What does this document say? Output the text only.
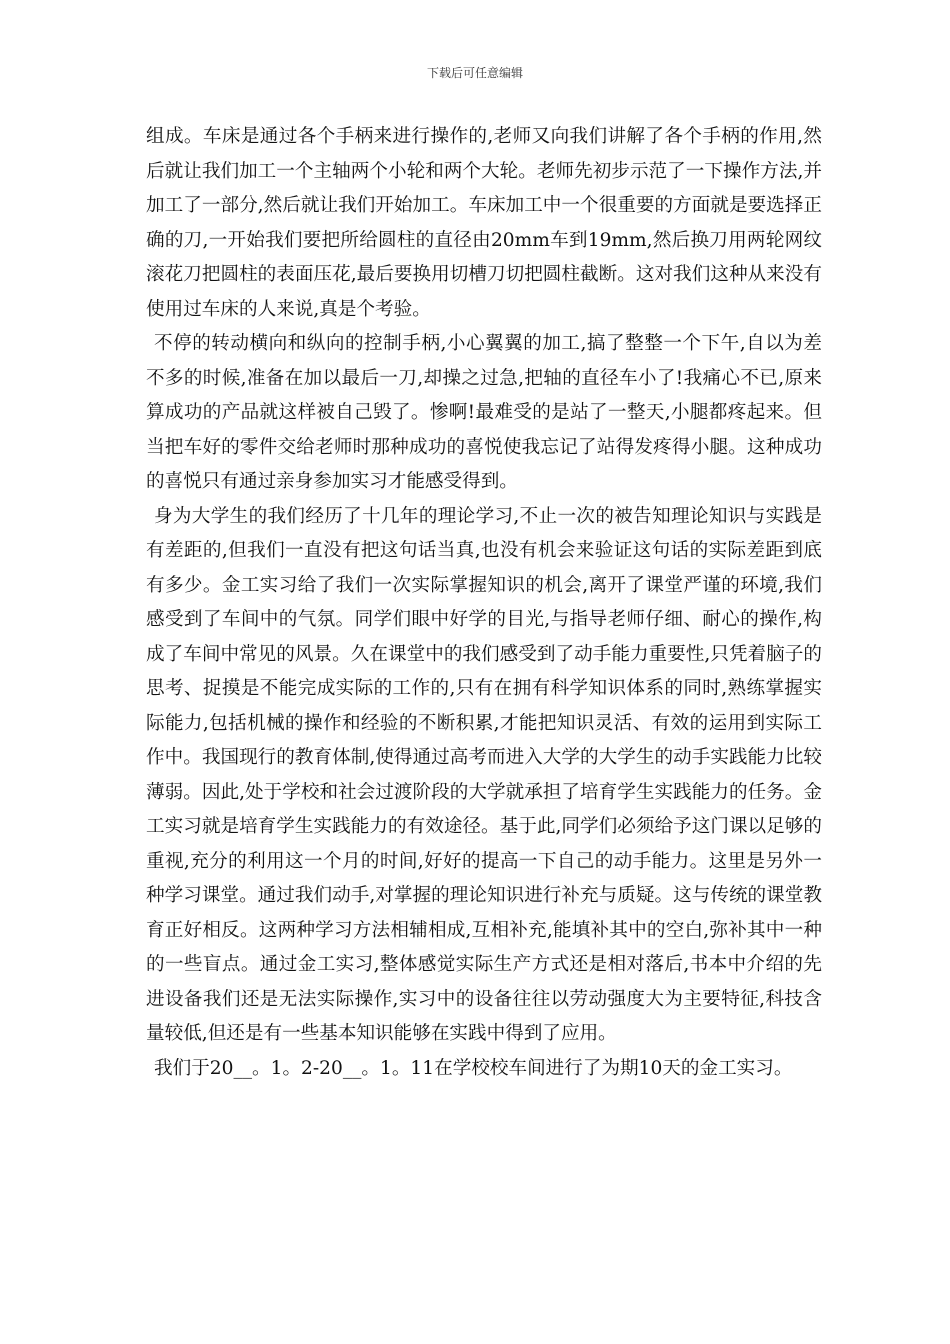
下载后可任意编辑

组成。车床是通过各个手柄来进行操作的,老师又向我们讲解了各个手柄的作用,然后就让我们加工一个主轴两个小轮和两个大轮。老师先初步示范了一下操作方法,并加工了一部分,然后就让我们开始加工。车床加工中一个很重要的方面就是要选择正确的刀,一开始我们要把所给圆柱的直径由20mm车到19mm,然后换刀用两轮网纹滚花刀把圆柱的表面压花,最后要换用切槽刀切把圆柱截断。这对我们这种从来没有使用过车床的人来说,真是个考验。

不停的转动横向和纵向的控制手柄,小心翼翼的加工,搞了整整一个下午,自以为差不多的时候,准备在加以最后一刀,却操之过急,把轴的直径车小了!我痛心不已,原来算成功的产品就这样被自己毁了。惨啊!最难受的是站了一整天,小腿都疼起来。但当把车好的零件交给老师时那种成功的喜悦使我忘记了站得发疼得小腿。这种成功的喜悦只有通过亲身参加实习才能感受得到。

身为大学生的我们经历了十几年的理论学习,不止一次的被告知理论知识与实践是有差距的,但我们一直没有把这句话当真,也没有机会来验证这句话的实际差距到底有多少。金工实习给了我们一次实际掌握知识的机会,离开了课堂严谨的环境,我们感受到了车间中的气氛。同学们眼中好学的目光,与指导老师仔细、耐心的操作,构成了车间中常见的风景。久在课堂中的我们感受到了动手能力重要性,只凭着脑子的思考、捉摸是不能完成实际的工作的,只有在拥有科学知识体系的同时,熟练掌握实际能力,包括机械的操作和经验的不断积累,才能把知识灵活、有效的运用到实际工作中。我国现行的教育体制,使得通过高考而进入大学的大学生的动手实践能力比较薄弱。因此,处于学校和社会过渡阶段的大学就承担了培育学生实践能力的任务。金工实习就是培育学生实践能力的有效途径。基于此,同学们必须给予这门课以足够的重视,充分的利用这一个月的时间,好好的提高一下自己的动手能力。这里是另外一种学习课堂。通过我们动手,对掌握的理论知识进行补充与质疑。这与传统的课堂教育正好相反。这两种学习方法相辅相成,互相补充,能填补其中的空白,弥补其中一种的一些盲点。通过金工实习,整体感觉实际生产方式还是相对落后,书本中介绍的先进设备我们还是无法实际操作,实习中的设备往往以劳动强度大为主要特征,科技含量较低,但还是有一些基本知识能够在实践中得到了应用。

我们于20__。1。2-20__。1。11在学校校车间进行了为期10天的金工实习。
